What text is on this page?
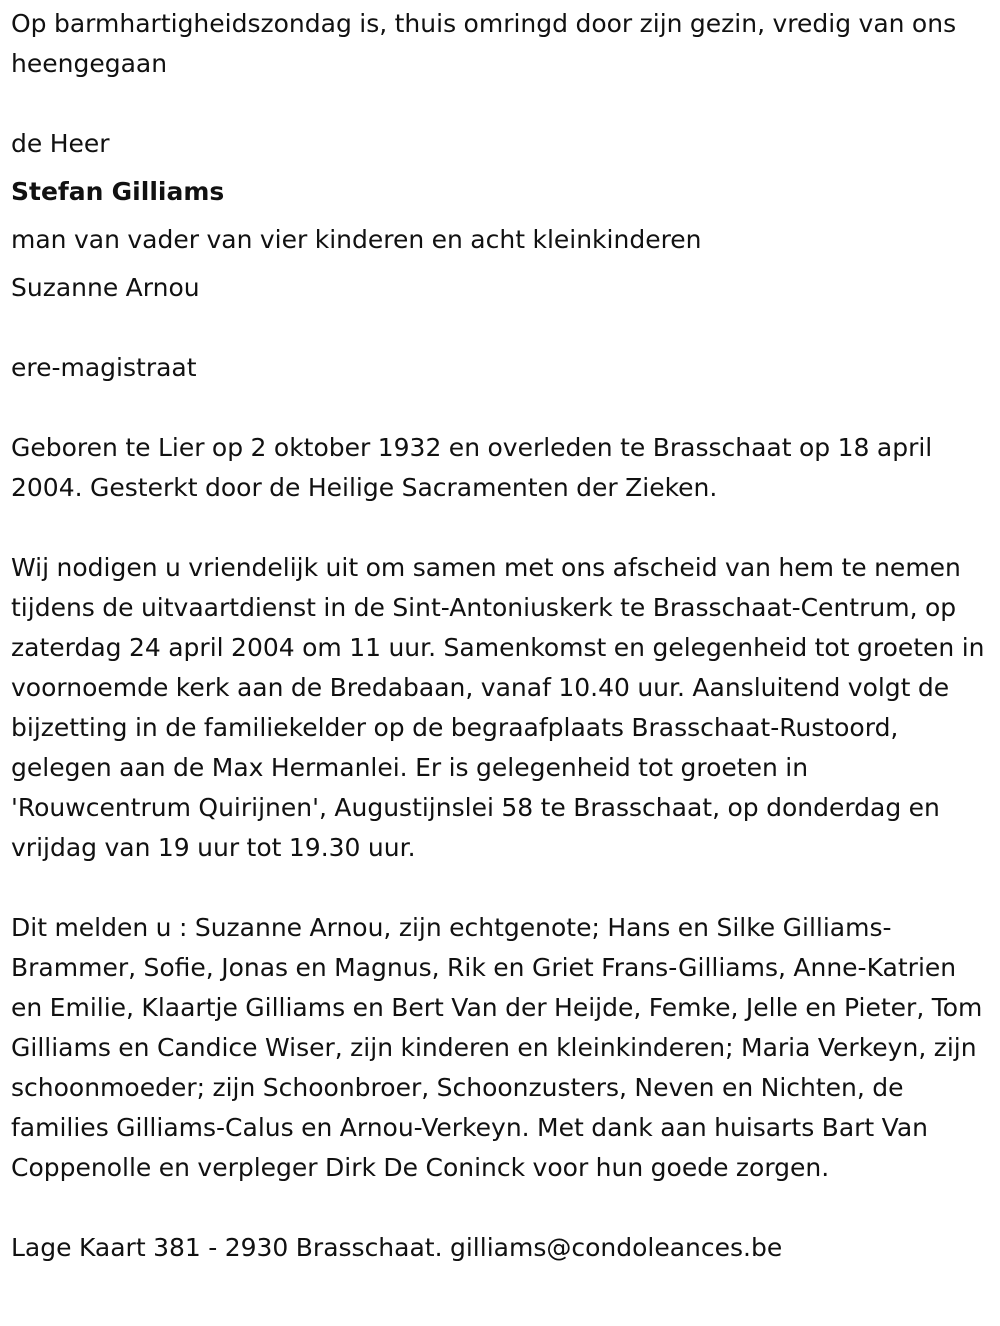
Op barmhartigheidszondag is, thuis omringd door zijn gezin, vredig van ons heengegaan

de Heer

Stefan Gilliams

man van vader van vier kinderen en acht kleinkinderen

Suzanne Arnou

ere-magistraat

Geboren te Lier op 2 oktober 1932 en overleden te Brasschaat op 18 april 2004. Gesterkt door de Heilige Sacramenten der Zieken.

Wij nodigen u vriendelijk uit om samen met ons afscheid van hem te nemen tijdens de uitvaartdienst in de Sint-Antoniuskerk te Brasschaat-Centrum, op zaterdag 24 april 2004 om 11 uur. Samenkomst en gelegenheid tot groeten in voornoemde kerk aan de Bredabaan, vanaf 10.40 uur. Aansluitend volgt de bijzetting in de familiekelder op de begraafplaats Brasschaat-Rustoord, gelegen aan de Max Hermanlei. Er is gelegenheid tot groeten in 'Rouwcentrum Quirijnen', Augustijnslei 58 te Brasschaat, op donderdag en vrijdag van 19 uur tot 19.30 uur.

Dit melden u : Suzanne Arnou, zijn echtgenote; Hans en Silke Gilliams-Brammer, Sofie, Jonas en Magnus, Rik en Griet Frans-Gilliams, Anne-Katrien en Emilie, Klaartje Gilliams en Bert Van der Heijde, Femke, Jelle en Pieter, Tom Gilliams en Candice Wiser, zijn kinderen en kleinkinderen; Maria Verkeyn, zijn schoonmoeder; zijn Schoonbroer, Schoonzusters, Neven en Nichten, de families Gilliams-Calus en Arnou-Verkeyn. Met dank aan huisarts Bart Van Coppenolle en verpleger Dirk De Coninck voor hun goede zorgen.

Lage Kaart 381 - 2930 Brasschaat. gilliams@condoleances.be
